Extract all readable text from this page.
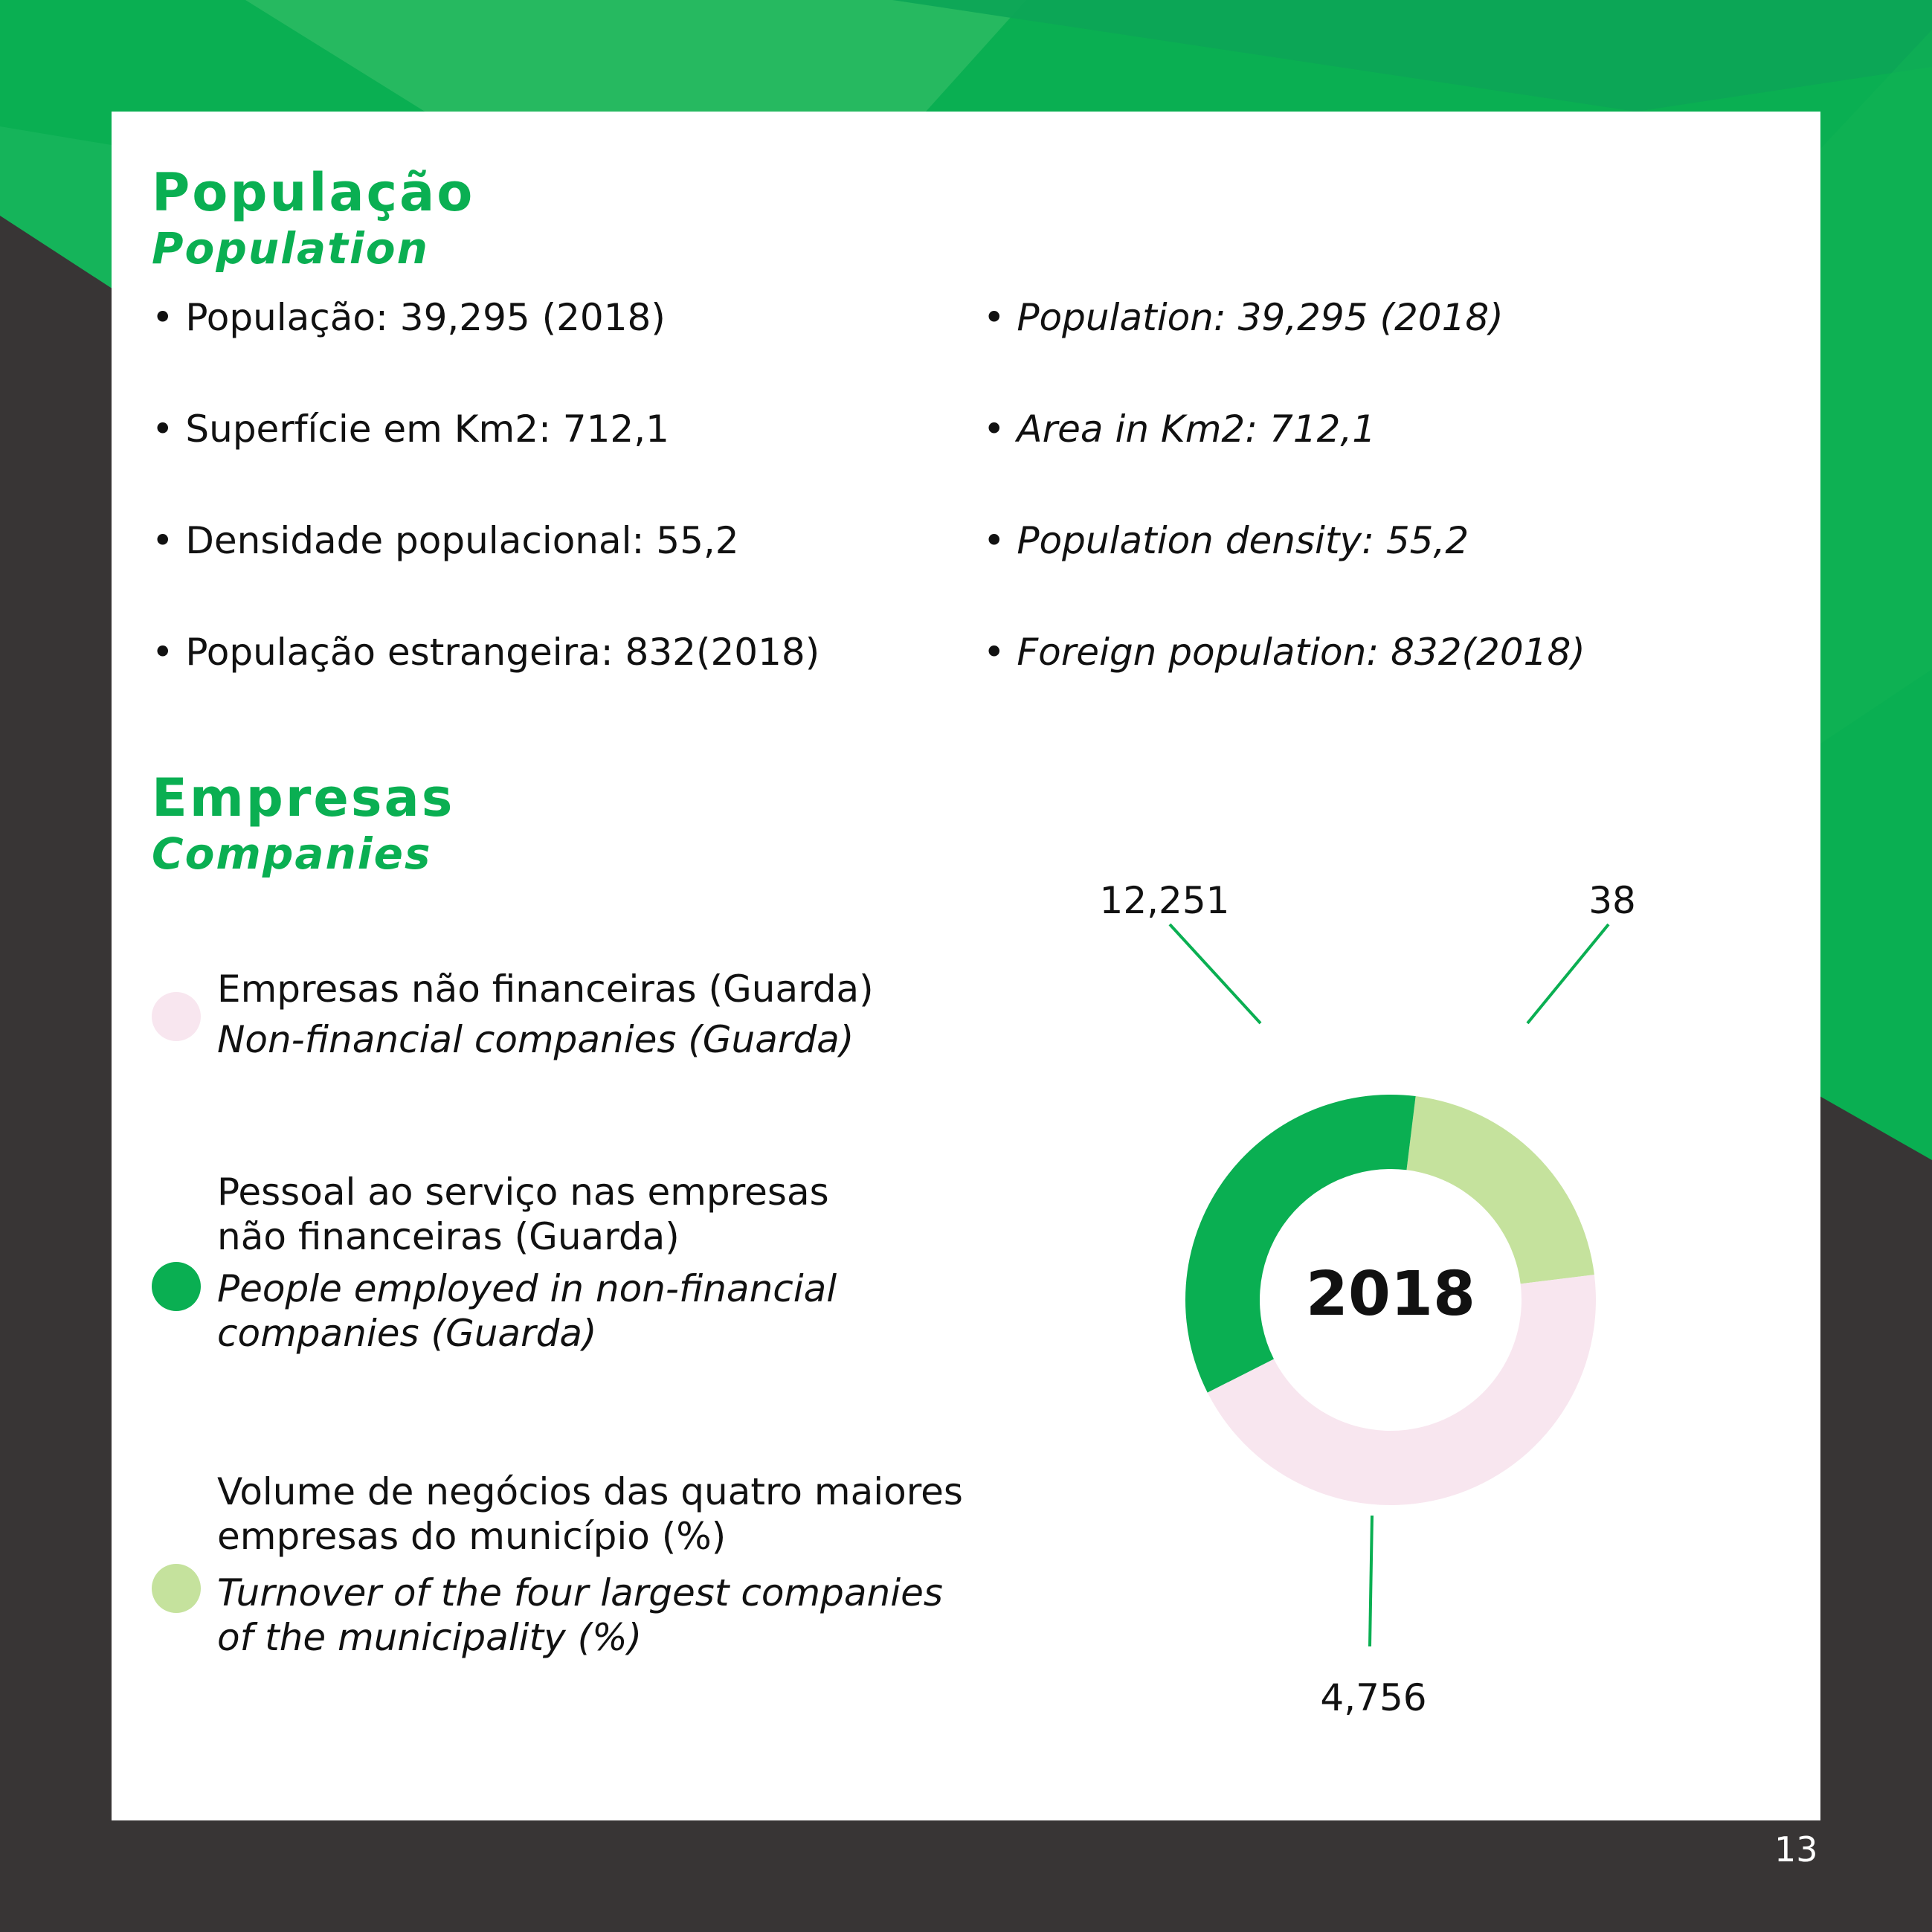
População
Population
• População: 39,295 (2018)
• Superfície em Km2: 712,1
• Densidade populacional: 55,2
• População estrangeira: 832(2018)
• Population: 39,295 (2018)
• Area in Km2: 712,1
• Population density: 55,2
• Foreign population: 832(2018)
Empresas
Companies
Empresas não financeiras (Guarda)
Non-financial companies (Guarda)
Pessoal ao serviço nas empresas
não financeiras (Guarda)
People employed in non-financial
companies (Guarda)
Volume de negócios das quatro maiores
empresas do município (%)
Turnover of the four largest companies
of the municipality (%)
12,251	38
4,756
2018
13
